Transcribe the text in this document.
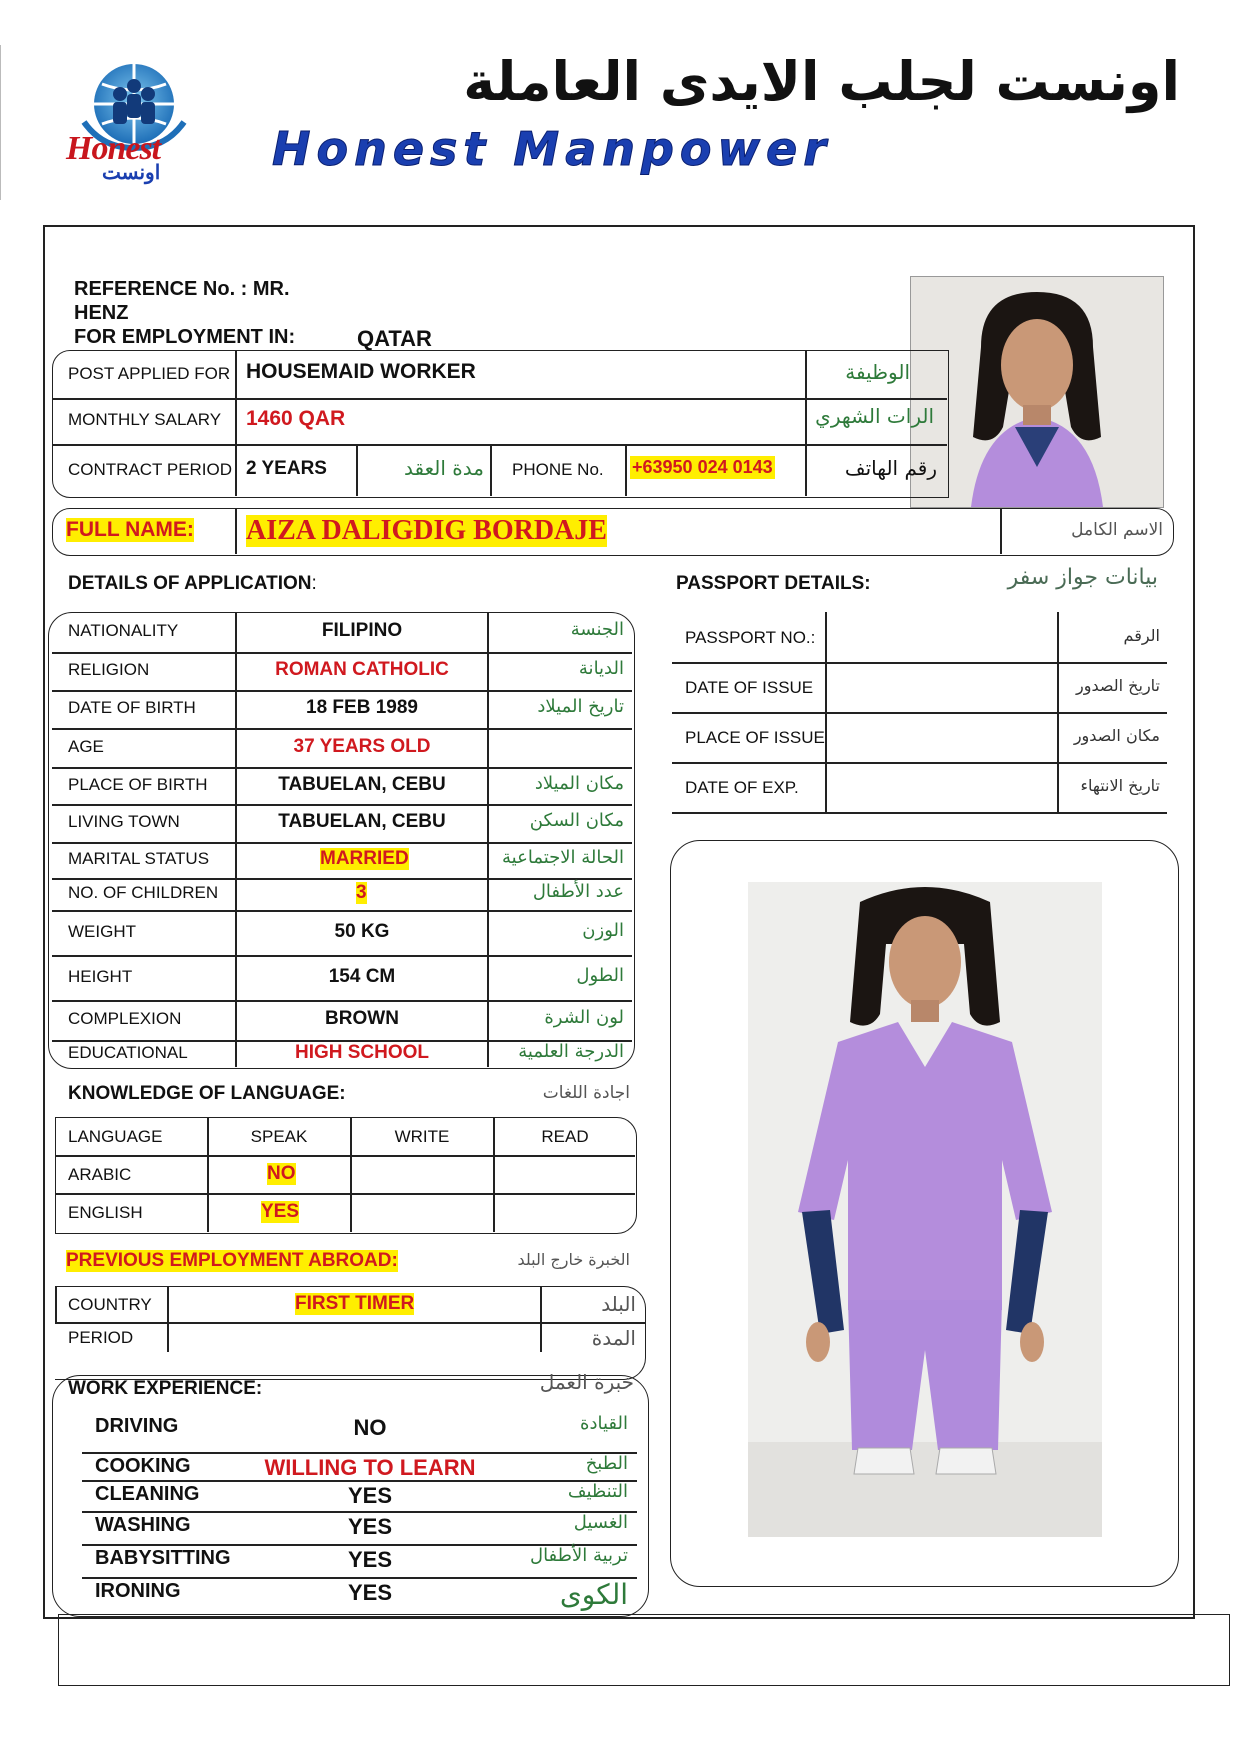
Honest
اونست
اونست لجلب الايدى العاملة
Honest Manpower
REFERENCE No. : MR.
HENZ
FOR EMPLOYMENT IN:	QATAR
POST APPLIED FOR HOUSEMAID WORKER	الوظيفة
MONTHLY SALARY 1460 QAR	الرات الشهري
CONTRACT PERIOD 2 YEARS	مدة العقد PHONE No. +63950 024 0143	رقم الهاتف
FULL NAME: AIZA DALIGDIG BORDAJE	الاسم الكامل
DETAILS OF APPLICATION:
NATIONALITY	FILIPINO	الجنسة
RELIGION	ROMAN CATHOLIC	الديانة
DATE OF BIRTH	18 FEB 1989	تاريخ الميلاد
AGE	37 YEARS OLD
PLACE OF BIRTH	TABUELAN, CEBU	مكان الميلاد
LIVING TOWN	TABUELAN, CEBU	مكان السكن
MARITAL STATUS	MARRIED	الحالة الاجتماعية
NO. OF CHILDREN	3	عدد الأطفال
WEIGHT	50 KG	الوزن
HEIGHT	154 CM	الطول
COMPLEXION	BROWN	لون الشرة
EDUCATIONAL	HIGH SCHOOL	الدرجة العلمية
PASSPORT DETAILS:	بيانات جواز سفر
PASSPORT NO.:	الرقم
DATE OF ISSUE	تاريخ الصدور
PLACE OF ISSUE	مكان الصدور
DATE OF EXP.	تاريخ الانتهاء
KNOWLEDGE OF LANGUAGE:	اجادة اللغات
LANGUAGE	SPEAK	WRITE	READ
ARABIC	NO
ENGLISH	YES
PREVIOUS EMPLOYMENT ABROAD:	الخبرة خارج البلد
COUNTRY	FIRST TIMER	البلد
PERIOD	المدة
WORK EXPERIENCE:	خبرة العمل
DRIVING	NO	القيادة
COOKING	WILLING TO LEARN	الطبخ
CLEANING	YES	التنظيف
WASHING	YES	الغسيل
BABYSITTING	YES	تربية الأطفال
IRONING	YES	الكوى
